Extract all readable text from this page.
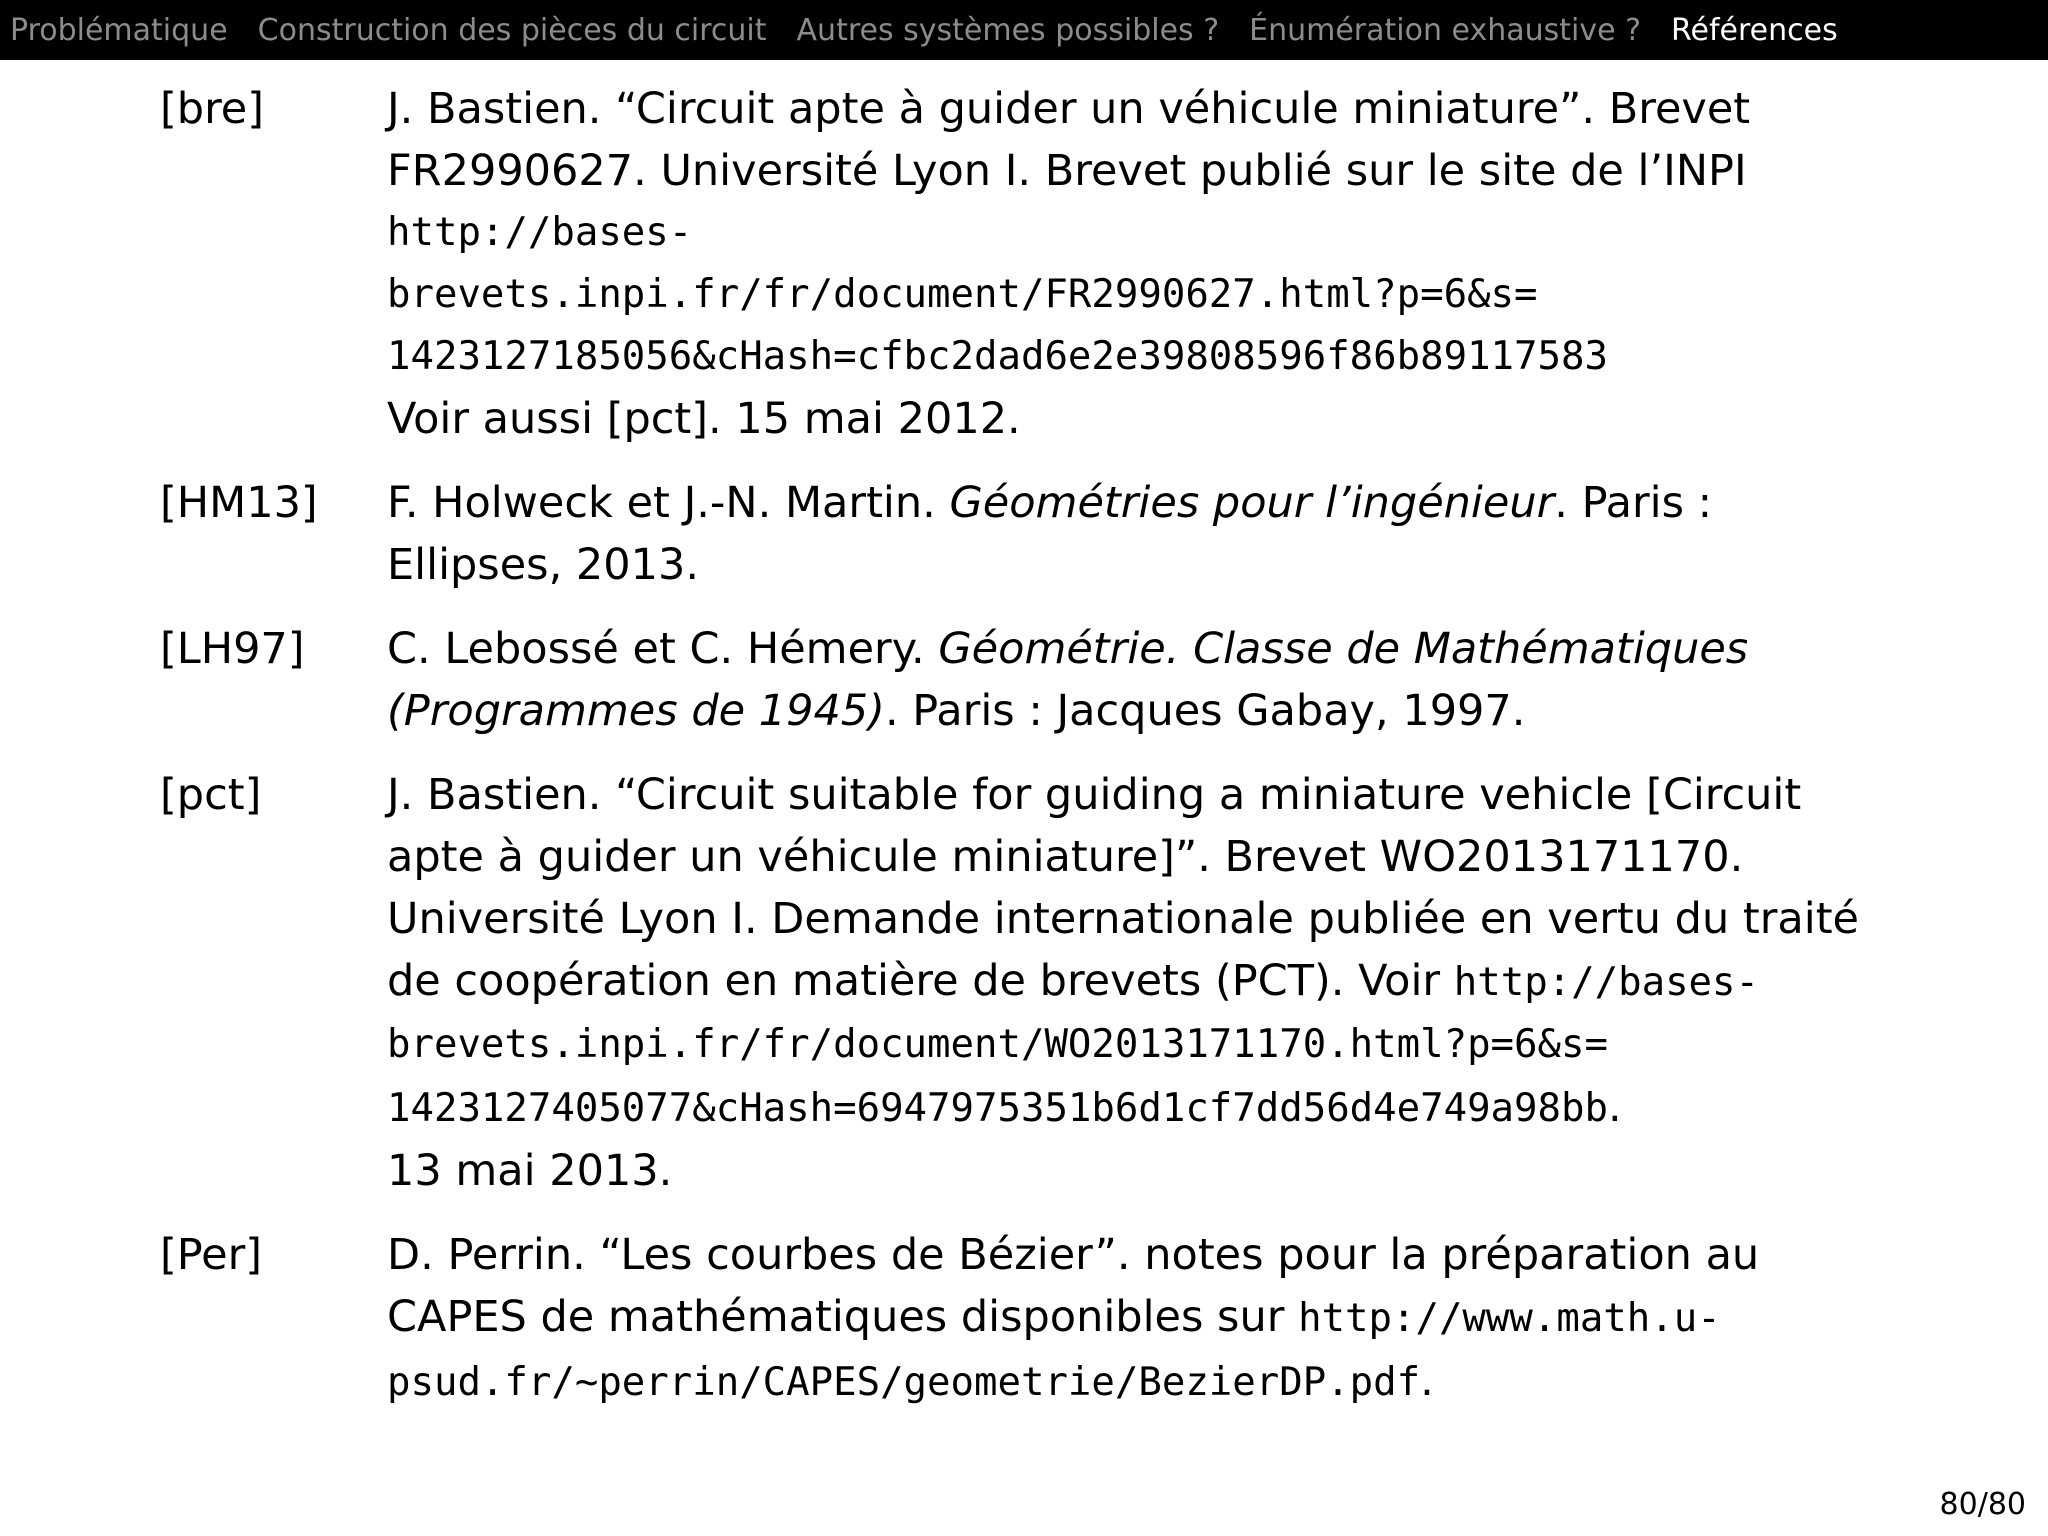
Problématique Construction des pièces du circuit Autres systèmes possibles ? Énumération exhaustive ? Références
[bre]	J. Bastien. “Circuit apte à guider un véhicule miniature”. Brevet
FR2990627. Université Lyon I. Brevet publié sur le site de l’INPI
http://bases-
brevets.inpi.fr/fr/document/FR2990627.html?p=6&s=
1423127185056&cHash=cfbc2dad6e2e39808596f86b89117583
Voir aussi [pct]. 15 mai 2012.
[HM13]	F. Holweck et J.-N. Martin. Géométries pour l’ingénieur. Paris :
Ellipses, 2013.
[LH97]	C. Lebossé et C. Hémery. Géométrie. Classe de Mathématiques
(Programmes de 1945). Paris : Jacques Gabay, 1997.
[pct]	J. Bastien. “Circuit suitable for guiding a miniature vehicle [Circuit
apte à guider un véhicule miniature]”. Brevet WO2013171170.
Université Lyon I. Demande internationale publiée en vertu du traité
de coopération en matière de brevets (PCT). Voir http://bases-
brevets.inpi.fr/fr/document/WO2013171170.html?p=6&s=
1423127405077&cHash=6947975351b6d1cf7dd56d4e749a98bb.
13 mai 2013.
[Per]	D. Perrin. “Les courbes de Bézier”. notes pour la préparation au
CAPES de mathématiques disponibles sur http://www.math.u-
psud.fr/~perrin/CAPES/geometrie/BezierDP.pdf.
80/80
